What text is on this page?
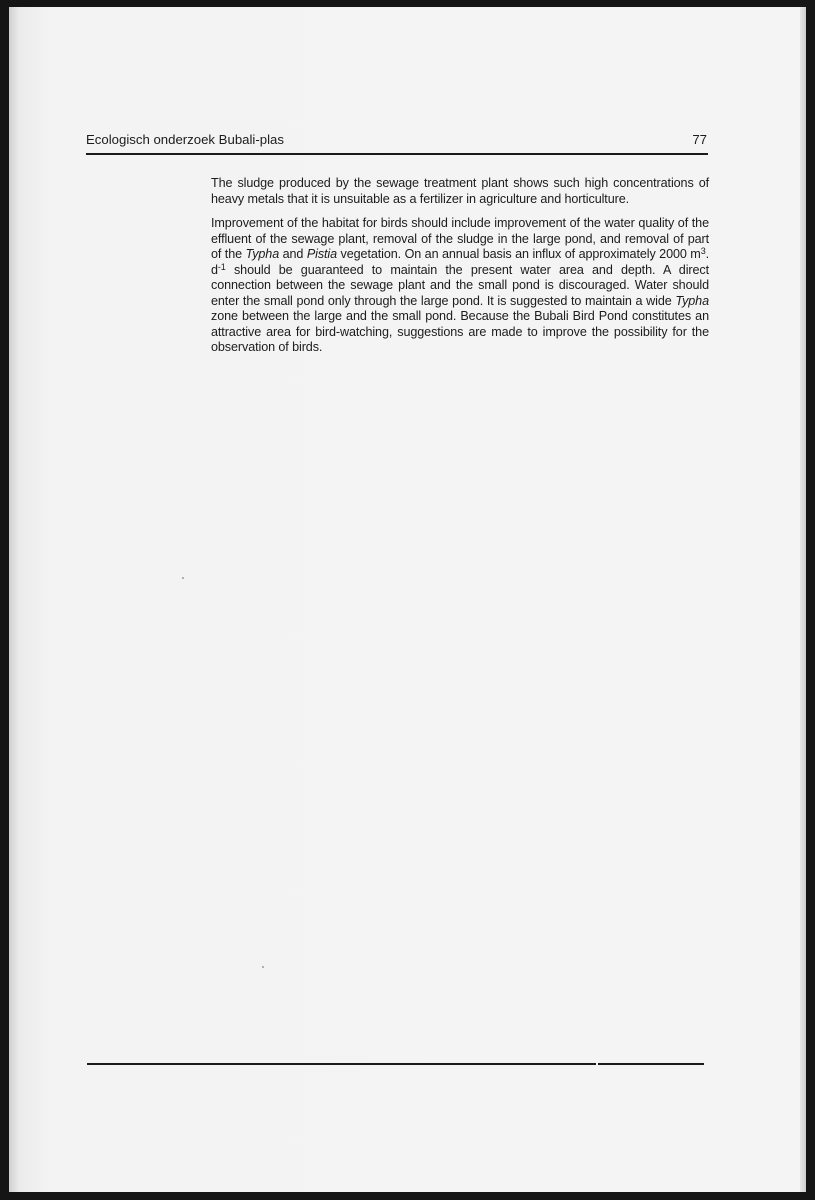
Ecologisch onderzoek Bubali-plas	77

The sludge produced by the sewage treatment plant shows such high concentrations of heavy metals that it is unsuitable as a fertilizer in agriculture and horticulture.

Improvement of the habitat for birds should include improvement of the water quality of the effluent of the sewage plant, removal of the sludge in the large pond, and removal of part of the Typha and Pistia vegetation. On an annual basis an influx of approximately 2000 $m^3$. $d^{-1}$ should be guaranteed to maintain the present water area and depth. A direct connection between the sewage plant and the small pond is discouraged. Water should enter the small pond only through the large pond. It is suggested to maintain a wide Typha zone between the large and the small pond. Because the Bubali Bird Pond constitutes an attractive area for bird-watching, suggestions are made to improve the possibility for the observation of birds.
